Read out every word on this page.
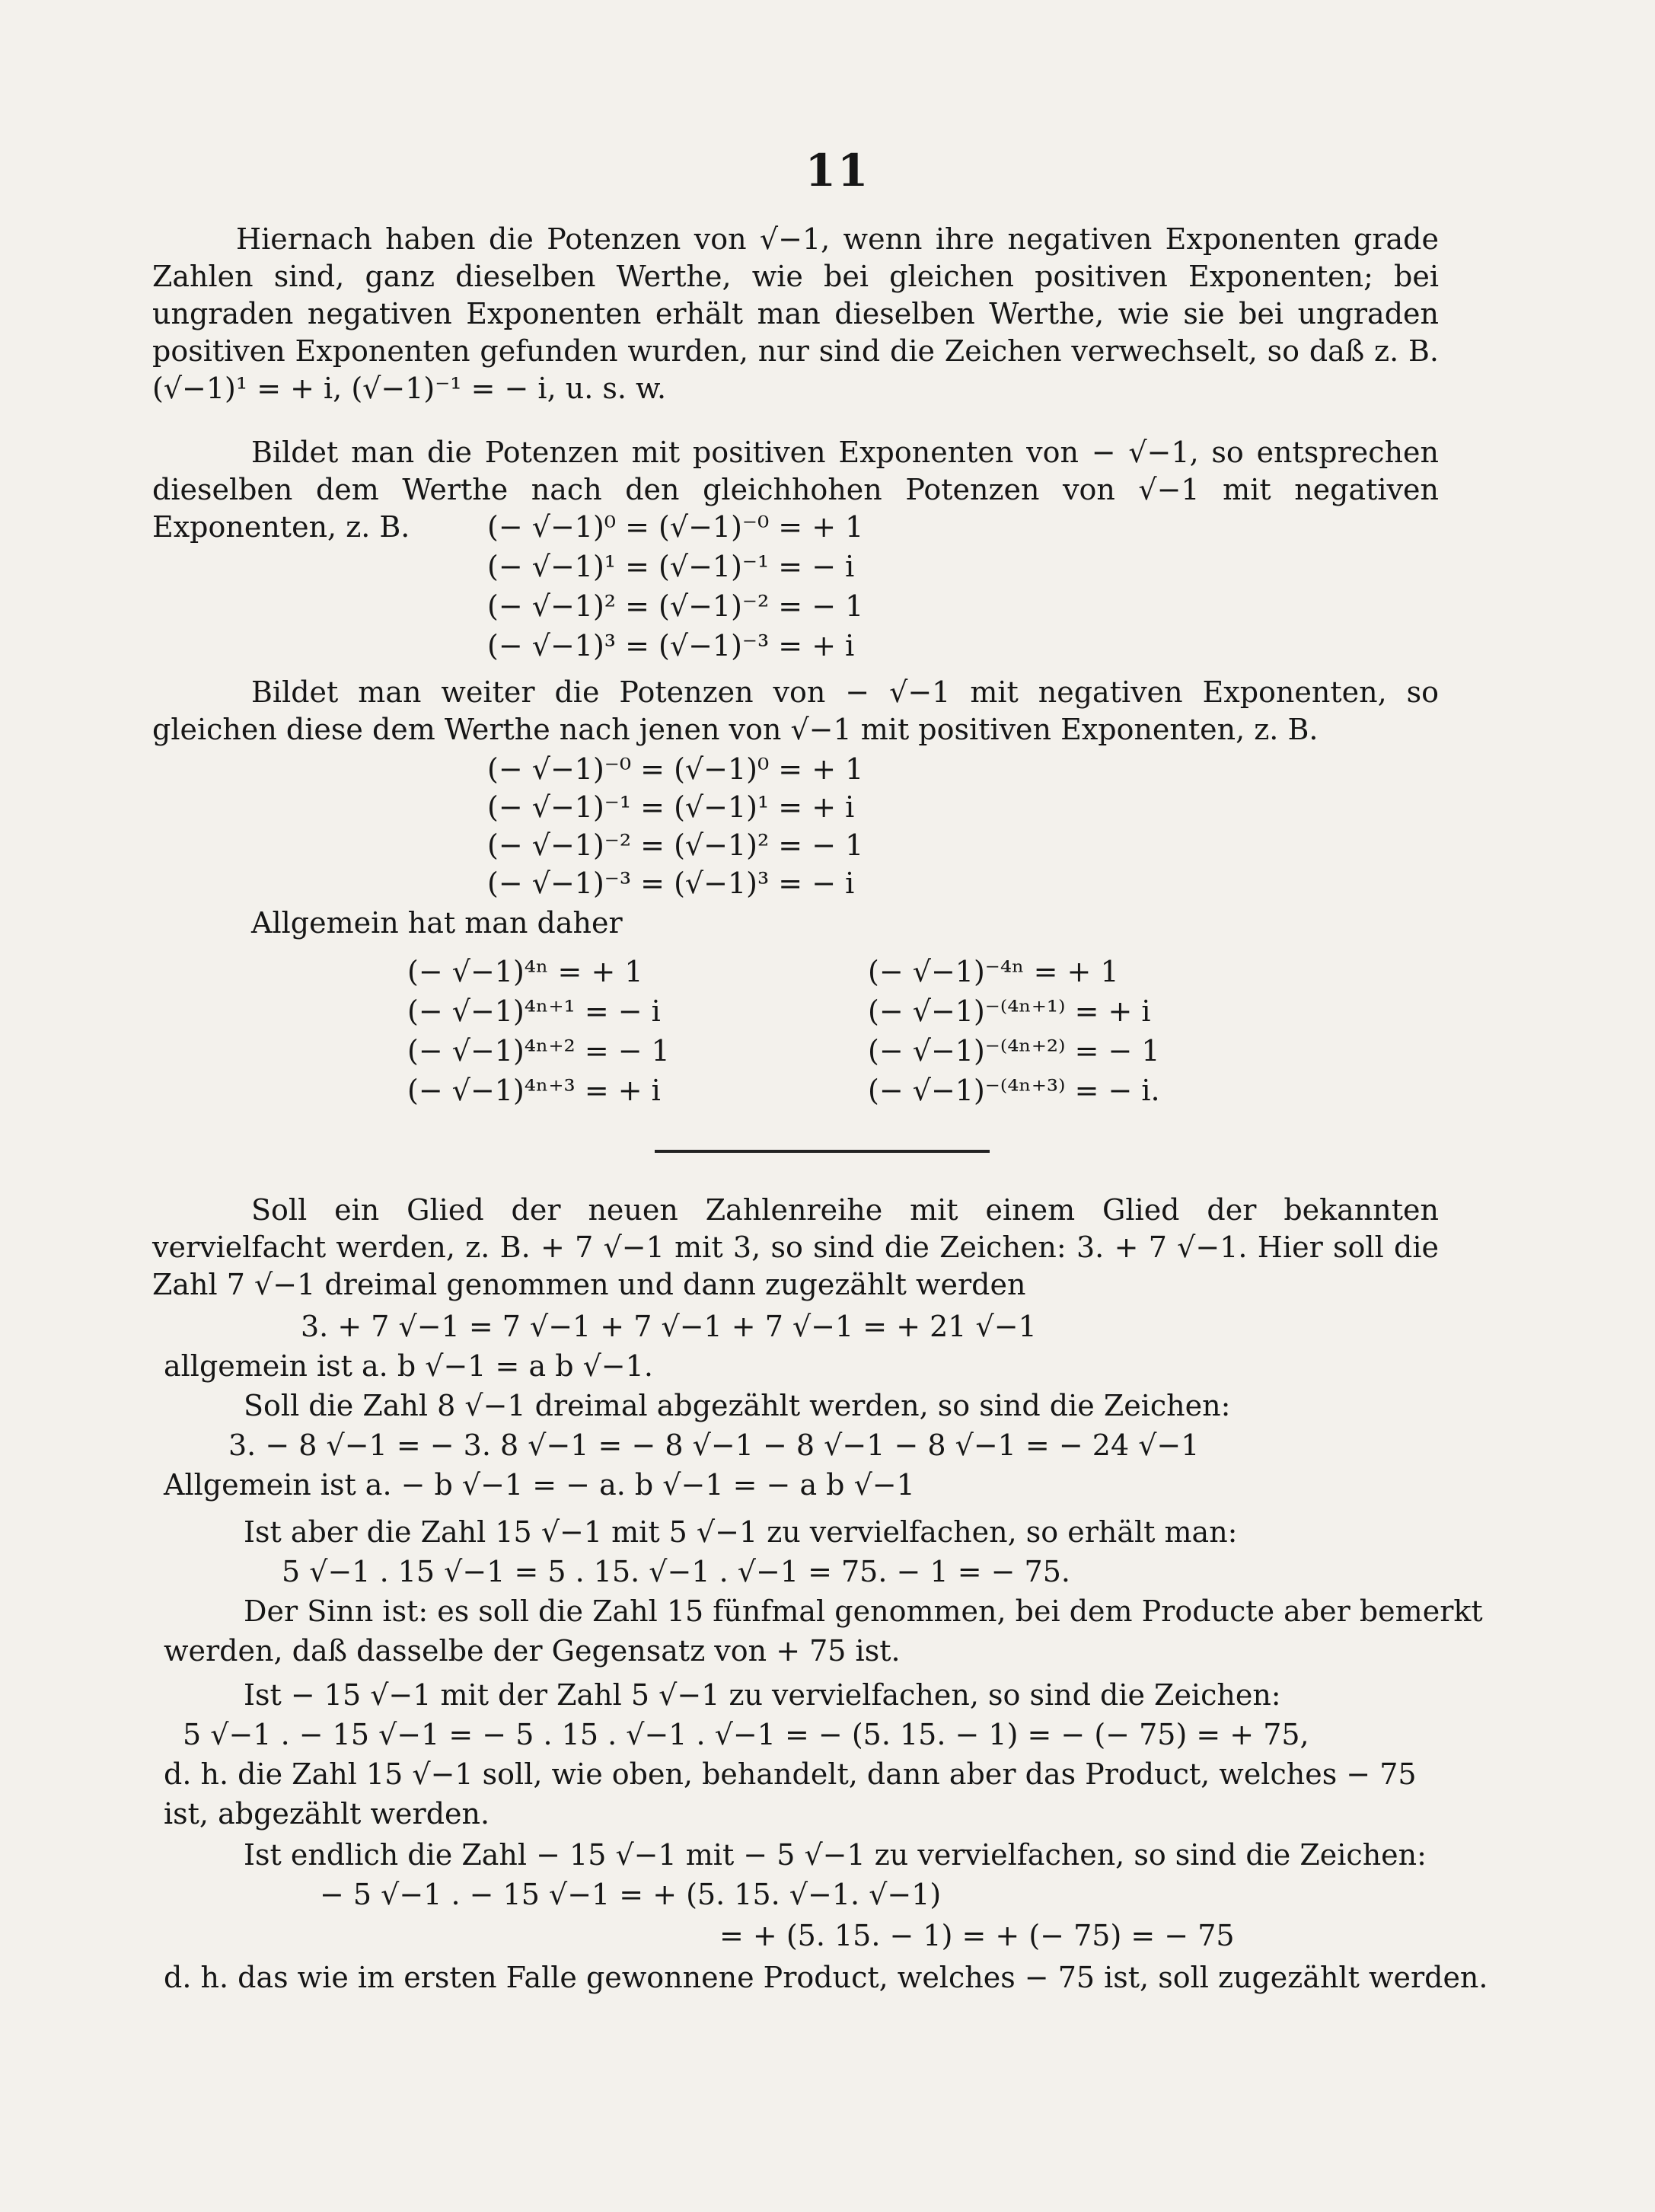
11
Hiernach haben die Potenzen von √−1, wenn ihre negativen Exponenten grade Zahlen sind, ganz dieselben Werthe, wie bei gleichen positiven Exponenten; bei ungraden negativen Exponenten erhält man dieselben Werthe, wie sie bei ungraden positiven Exponenten gefunden wurden, nur sind die Zeichen verwechselt, so daß z. B. (√−1)¹ = + i, (√−1)⁻¹ = − i, u. s. w.
Bildet man die Potenzen mit positiven Exponenten von − √−1, so entsprechen dieselben dem Werthe nach den gleichhohen Potenzen von √−1 mit negativen Exponenten, z. B.	(− √−1)⁰ = (√−1)⁻⁰ = + 1
(− √−1)¹ = (√−1)⁻¹ = − i
(− √−1)² = (√−1)⁻² = − 1
(− √−1)³ = (√−1)⁻³ = + i
Bildet man weiter die Potenzen von − √−1 mit negativen Exponenten, so gleichen diese dem Werthe nach jenen von √−1 mit positiven Exponenten, z. B.
(− √−1)⁻⁰ = (√−1)⁰ = + 1
(− √−1)⁻¹ = (√−1)¹ = + i
(− √−1)⁻² = (√−1)² = − 1
(− √−1)⁻³ = (√−1)³ = − i
Allgemein hat man daher
(− √−1)⁴ⁿ = + 1
(− √−1)⁴ⁿ⁺¹ = − i
(− √−1)⁴ⁿ⁺² = − 1
(− √−1)⁴ⁿ⁺³ = + i
(− √−1)⁻⁴ⁿ = + 1
(− √−1)⁻⁽⁴ⁿ⁺¹⁾ = + i
(− √−1)⁻⁽⁴ⁿ⁺²⁾ = − 1
(− √−1)⁻⁽⁴ⁿ⁺³⁾ = − i.
Soll ein Glied der neuen Zahlenreihe mit einem Glied der bekannten vervielfacht werden, z. B. + 7 √−1 mit 3, so sind die Zeichen: 3. + 7 √−1. Hier soll die Zahl 7 √−1 dreimal genommen und dann zugezählt werden
3. + 7 √−1 = 7 √−1 + 7 √−1 + 7 √−1 = + 21 √−1
allgemein ist a. b √−1 = a b √−1.
Soll die Zahl 8 √−1 dreimal abgezählt werden, so sind die Zeichen:
3. − 8 √−1 = − 3. 8 √−1 = − 8 √−1 − 8 √−1 − 8 √−1 = − 24 √−1
Allgemein ist a. − b √−1 = − a. b √−1 = − a b √−1
Ist aber die Zahl 15 √−1 mit 5 √−1 zu vervielfachen, so erhält man:
5 √−1 . 15 √−1 = 5 . 15. √−1 . √−1 = 75. − 1 = − 75.
Der Sinn ist: es soll die Zahl 15 fünfmal genommen, bei dem Producte aber bemerkt
werden, daß dasselbe der Gegensatz von + 75 ist.
Ist − 15 √−1 mit der Zahl 5 √−1 zu vervielfachen, so sind die Zeichen:
5 √−1 . − 15 √−1 = − 5 . 15 . √−1 . √−1 = − (5. 15. − 1) = − (− 75) = + 75,
d. h. die Zahl 15 √−1 soll, wie oben, behandelt, dann aber das Product, welches − 75
ist, abgezählt werden.
Ist endlich die Zahl − 15 √−1 mit − 5 √−1 zu vervielfachen, so sind die Zeichen:
− 5 √−1 . − 15 √−1 = + (5. 15. √−1. √−1)
= + (5. 15. − 1) = + (− 75) = − 75
d. h. das wie im ersten Falle gewonnene Product, welches − 75 ist, soll zugezählt werden.
